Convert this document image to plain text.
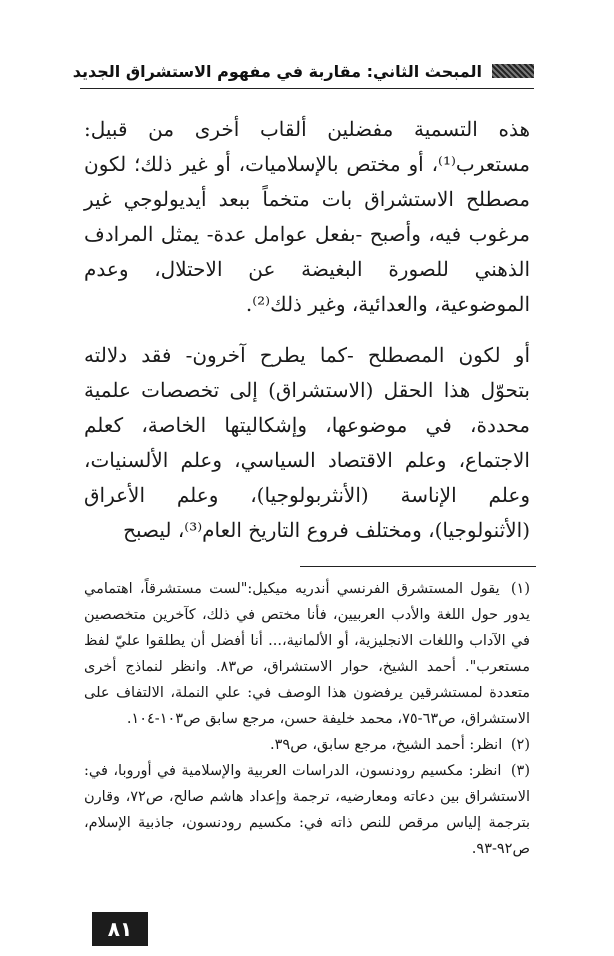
المبحث الثاني: مقاربة في مفهوم الاستشراق الجديد

هذه التسمية مفضلين ألقاب أخرى من قبيل: مستعرب⁽¹⁾، أو مختص بالإسلاميات، أو غير ذلك؛ لكون مصطلح الاستشراق بات متخماً ببعد أيديولوجي غير مرغوب فيه، وأصبح -بفعل عوامل عدة- يمثل المرادف الذهني للصورة البغيضة عن الاحتلال، وعدم الموضوعية، والعدائية، وغير ذلك⁽²⁾.

أو لكون المصطلح -كما يطرح آخرون- فقد دلالته بتحوّل هذا الحقل (الاستشراق) إلى تخصصات علمية محددة، في موضوعها، وإشكاليتها الخاصة، كعلم الاجتماع، وعلم الاقتصاد السياسي، وعلم الألسنيات، وعلم الإناسة (الأنثربولوجيا)، وعلم الأعراق (الأثنولوجيا)، ومختلف فروع التاريخ العام⁽³⁾، ليصبح

(١) يقول المستشرق الفرنسي أندريه ميكيل:"لست مستشرقاً، اهتمامي يدور حول اللغة والأدب العربيين، فأنا مختص في ذلك، كآخرين متخصصين في الآداب واللغات الانجليزية، أو الألمانية،... أنا أفضل أن يطلقوا عليّ لفظ مستعرب". أحمد الشيخ، حوار الاستشراق، ص٨٣. وانظر لنماذج أخرى متعددة لمستشرقين يرفضون هذا الوصف في: علي النملة، الالتفاف على الاستشراق، ص٦٣-٧٥، محمد خليفة حسن، مرجع سابق ص١٠٣-١٠٤.

(٢) انظر: أحمد الشيخ، مرجع سابق، ص٣٩.

(٣) انظر: مكسيم رودنسون، الدراسات العربية والإسلامية في أوروبا، في: الاستشراق بين دعاته ومعارضيه، ترجمة وإعداد هاشم صالح، ص٧٢، وقارن بترجمة إلياس مرقص للنص ذاته في: مكسيم رودنسون، جاذبية الإسلام، ص٩٢-٩٣.

٨١
